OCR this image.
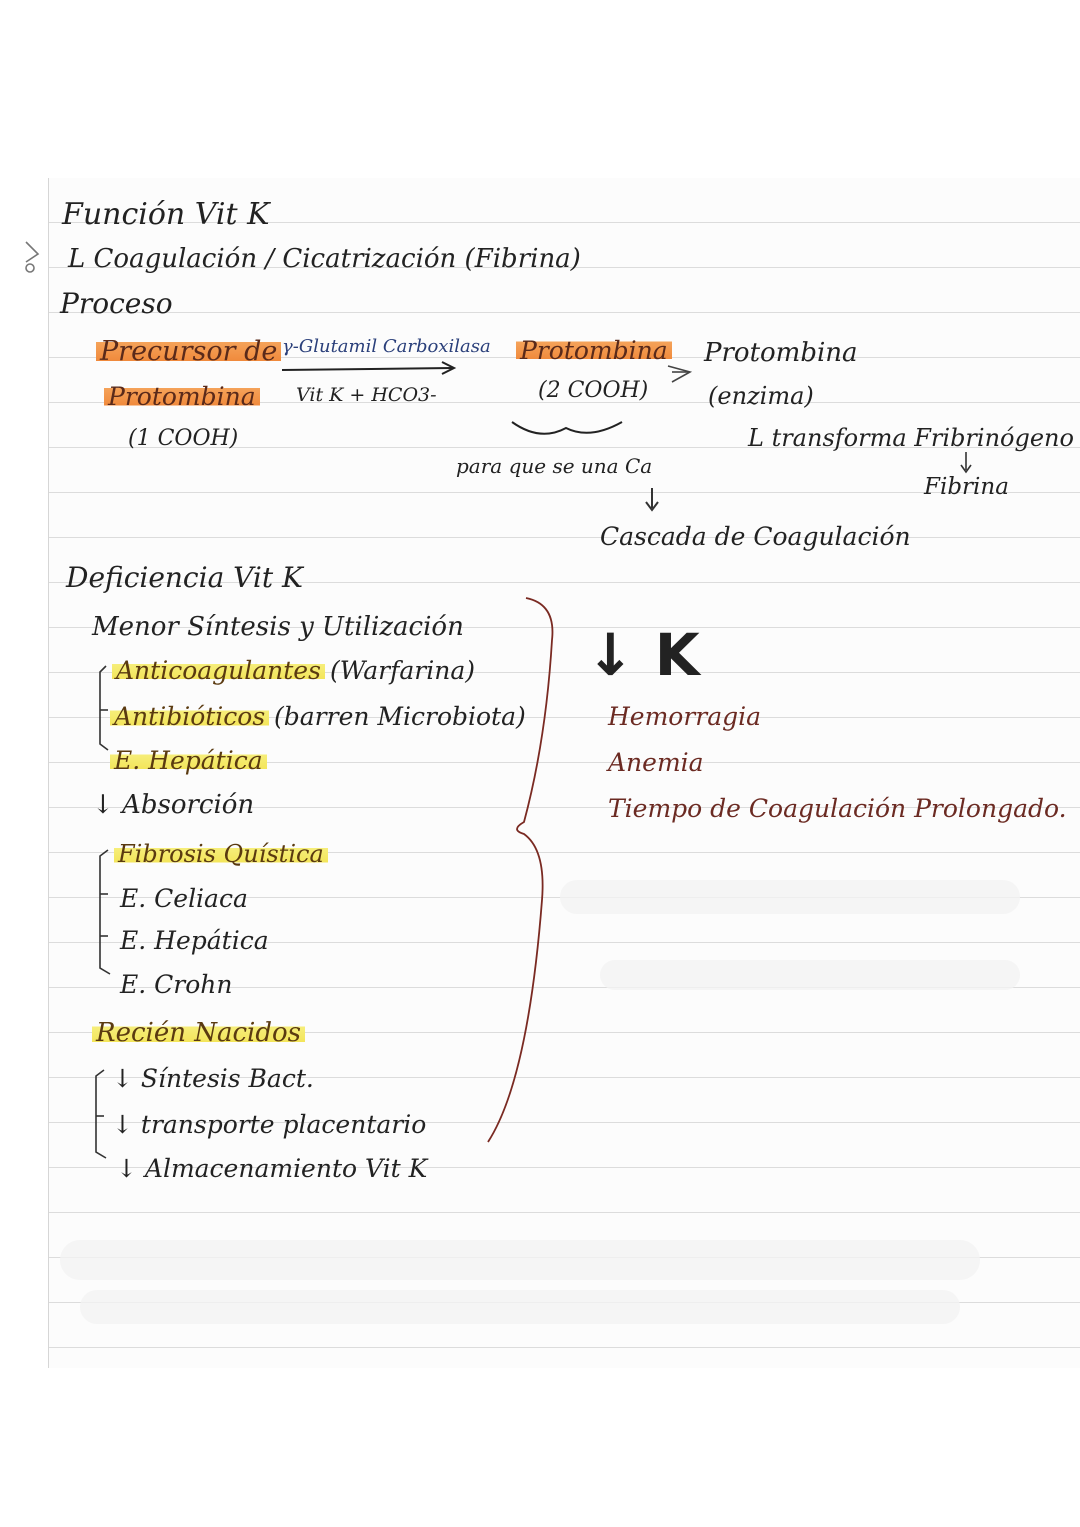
Función Vit K
L Coagulación / Cicatrización (Fibrina)
Proceso
Precursor de
Protombina
(1 COOH)
γ-Glutamil Carboxilasa
Vit K + HCO3-
Protombina
(2 COOH)
para que se una Ca
Cascada de Coagulación
Protombina
(enzima)
L transforma Fribrinógeno
Fibrina
Deficiencia Vit K
Menor Síntesis y Utilización
Anticoagulantes (Warfarina)
Antibióticos (barren Microbiota)
E. Hepática
↓ Absorción
Fibrosis Quística
E. Celiaca
E. Hepática
E. Crohn
Recién Nacidos
↓ Síntesis Bact.
↓ transporte placentario
↓ Almacenamiento Vit K
↓ K
Hemorragia
Anemia
Tiempo de Coagulación Prolongado.
